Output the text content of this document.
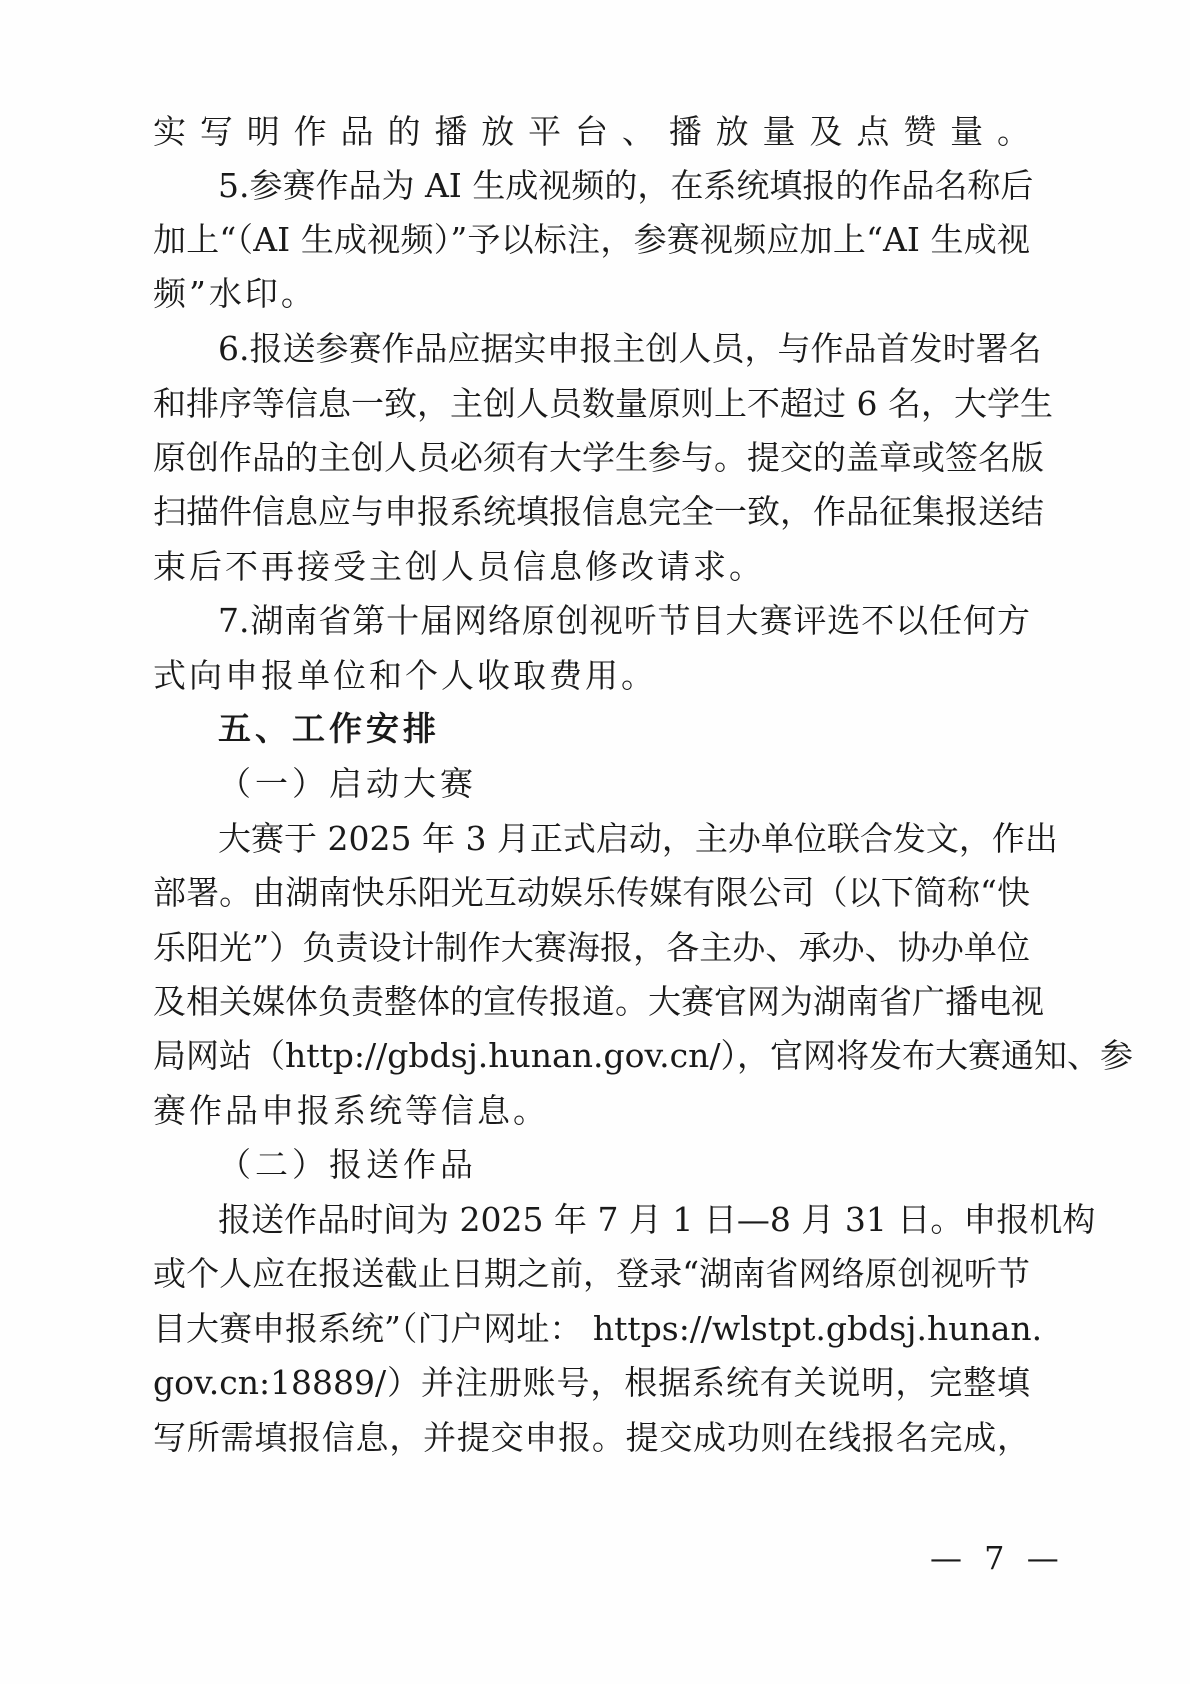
实写明作品的播放平台、播放量及点赞量。
5.参赛作品为 AI 生成视频的，在系统填报的作品名称后
加上“（AI 生成视频）”予以标注，参赛视频应加上“AI 生成视
频”水印。
6.报送参赛作品应据实申报主创人员，与作品首发时署名
和排序等信息一致，主创人员数量原则上不超过 6 名，大学生
原创作品的主创人员必须有大学生参与。提交的盖章或签名版
扫描件信息应与申报系统填报信息完全一致，作品征集报送结
束后不再接受主创人员信息修改请求。
7.湖南省第十届网络原创视听节目大赛评选不以任何方
式向申报单位和个人收取费用。
五、工作安排
（一）启动大赛
大赛于 2025 年 3 月正式启动，主办单位联合发文，作出
部署。由湖南快乐阳光互动娱乐传媒有限公司（以下简称“快
乐阳光”）负责设计制作大赛海报，各主办、承办、协办单位
及相关媒体负责整体的宣传报道。大赛官网为湖南省广播电视
局网站（http://gbdsj.hunan.gov.cn/），官网将发布大赛通知、参
赛作品申报系统等信息。
（二）报送作品
报送作品时间为 2025 年 7 月 1 日—8 月 31 日。申报机构
或个人应在报送截止日期之前，登录“湖南省网络原创视听节
目大赛申报系统”（门户网址： https://wlstpt.gbdsj.hunan.
gov.cn:18889/）并注册账号，根据系统有关说明，完整填
写所需填报信息，并提交申报。提交成功则在线报名完成，
— 7 —
